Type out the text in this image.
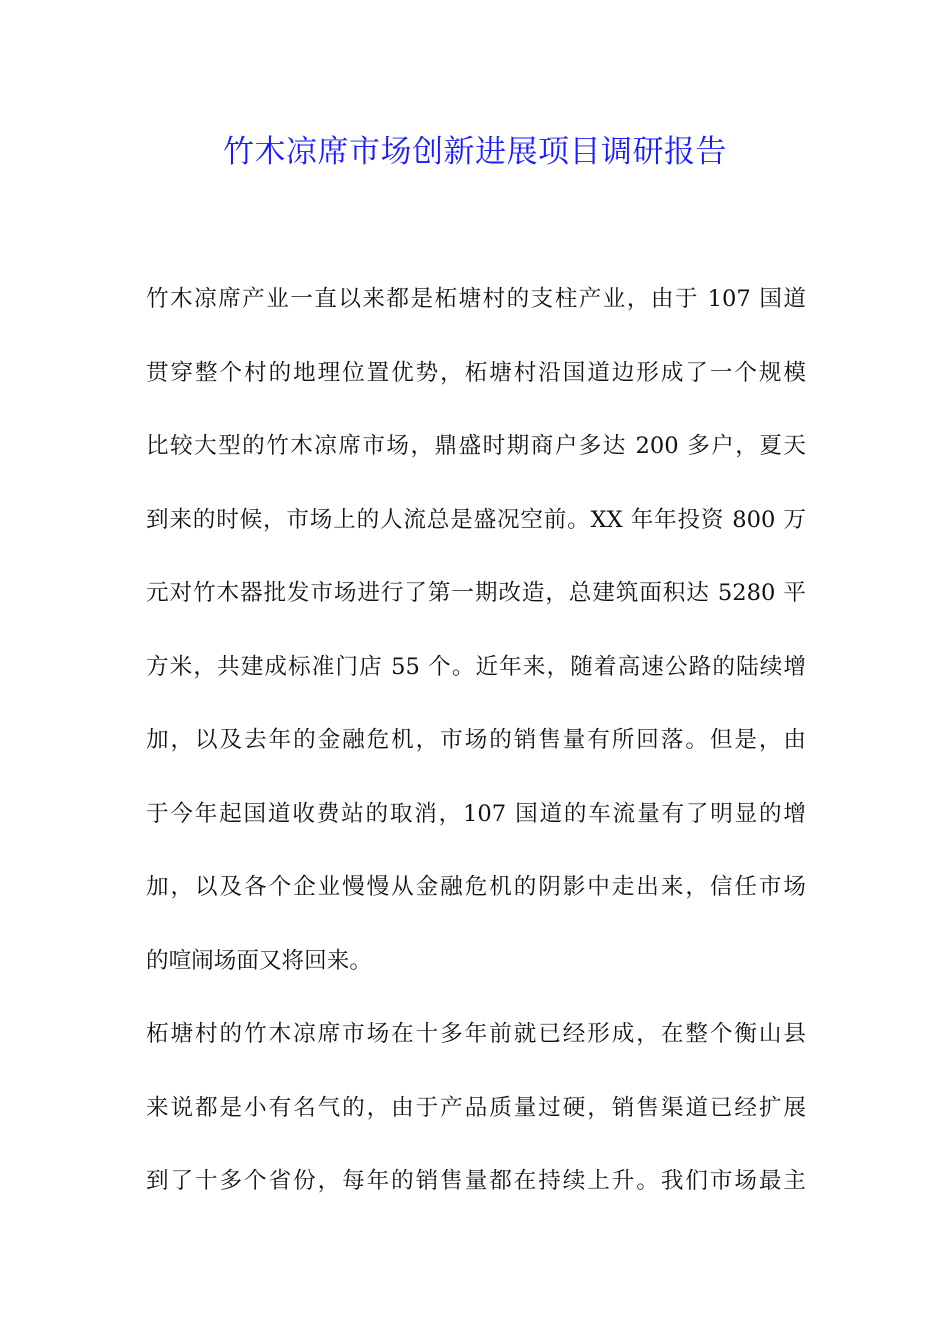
竹木凉席市场创新进展项目调研报告
竹木凉席产业一直以来都是柘塘村的支柱产业，由于 107 国道
贯穿整个村的地理位置优势，柘塘村沿国道边形成了一个规模
比较大型的竹木凉席市场，鼎盛时期商户多达 200 多户，夏天
到来的时候，市场上的人流总是盛况空前。XX 年年投资 800 万
元对竹木器批发市场进行了第一期改造，总建筑面积达 5280 平
方米，共建成标准门店 55 个。近年来，随着高速公路的陆续增
加，以及去年的金融危机，市场的销售量有所回落。但是，由
于今年起国道收费站的取消，107 国道的车流量有了明显的增
加，以及各个企业慢慢从金融危机的阴影中走出来，信任市场
的喧闹场面又将回来。
柘塘村的竹木凉席市场在十多年前就已经形成，在整个衡山县
来说都是小有名气的，由于产品质量过硬，销售渠道已经扩展
到了十多个省份，每年的销售量都在持续上升。我们市场最主
